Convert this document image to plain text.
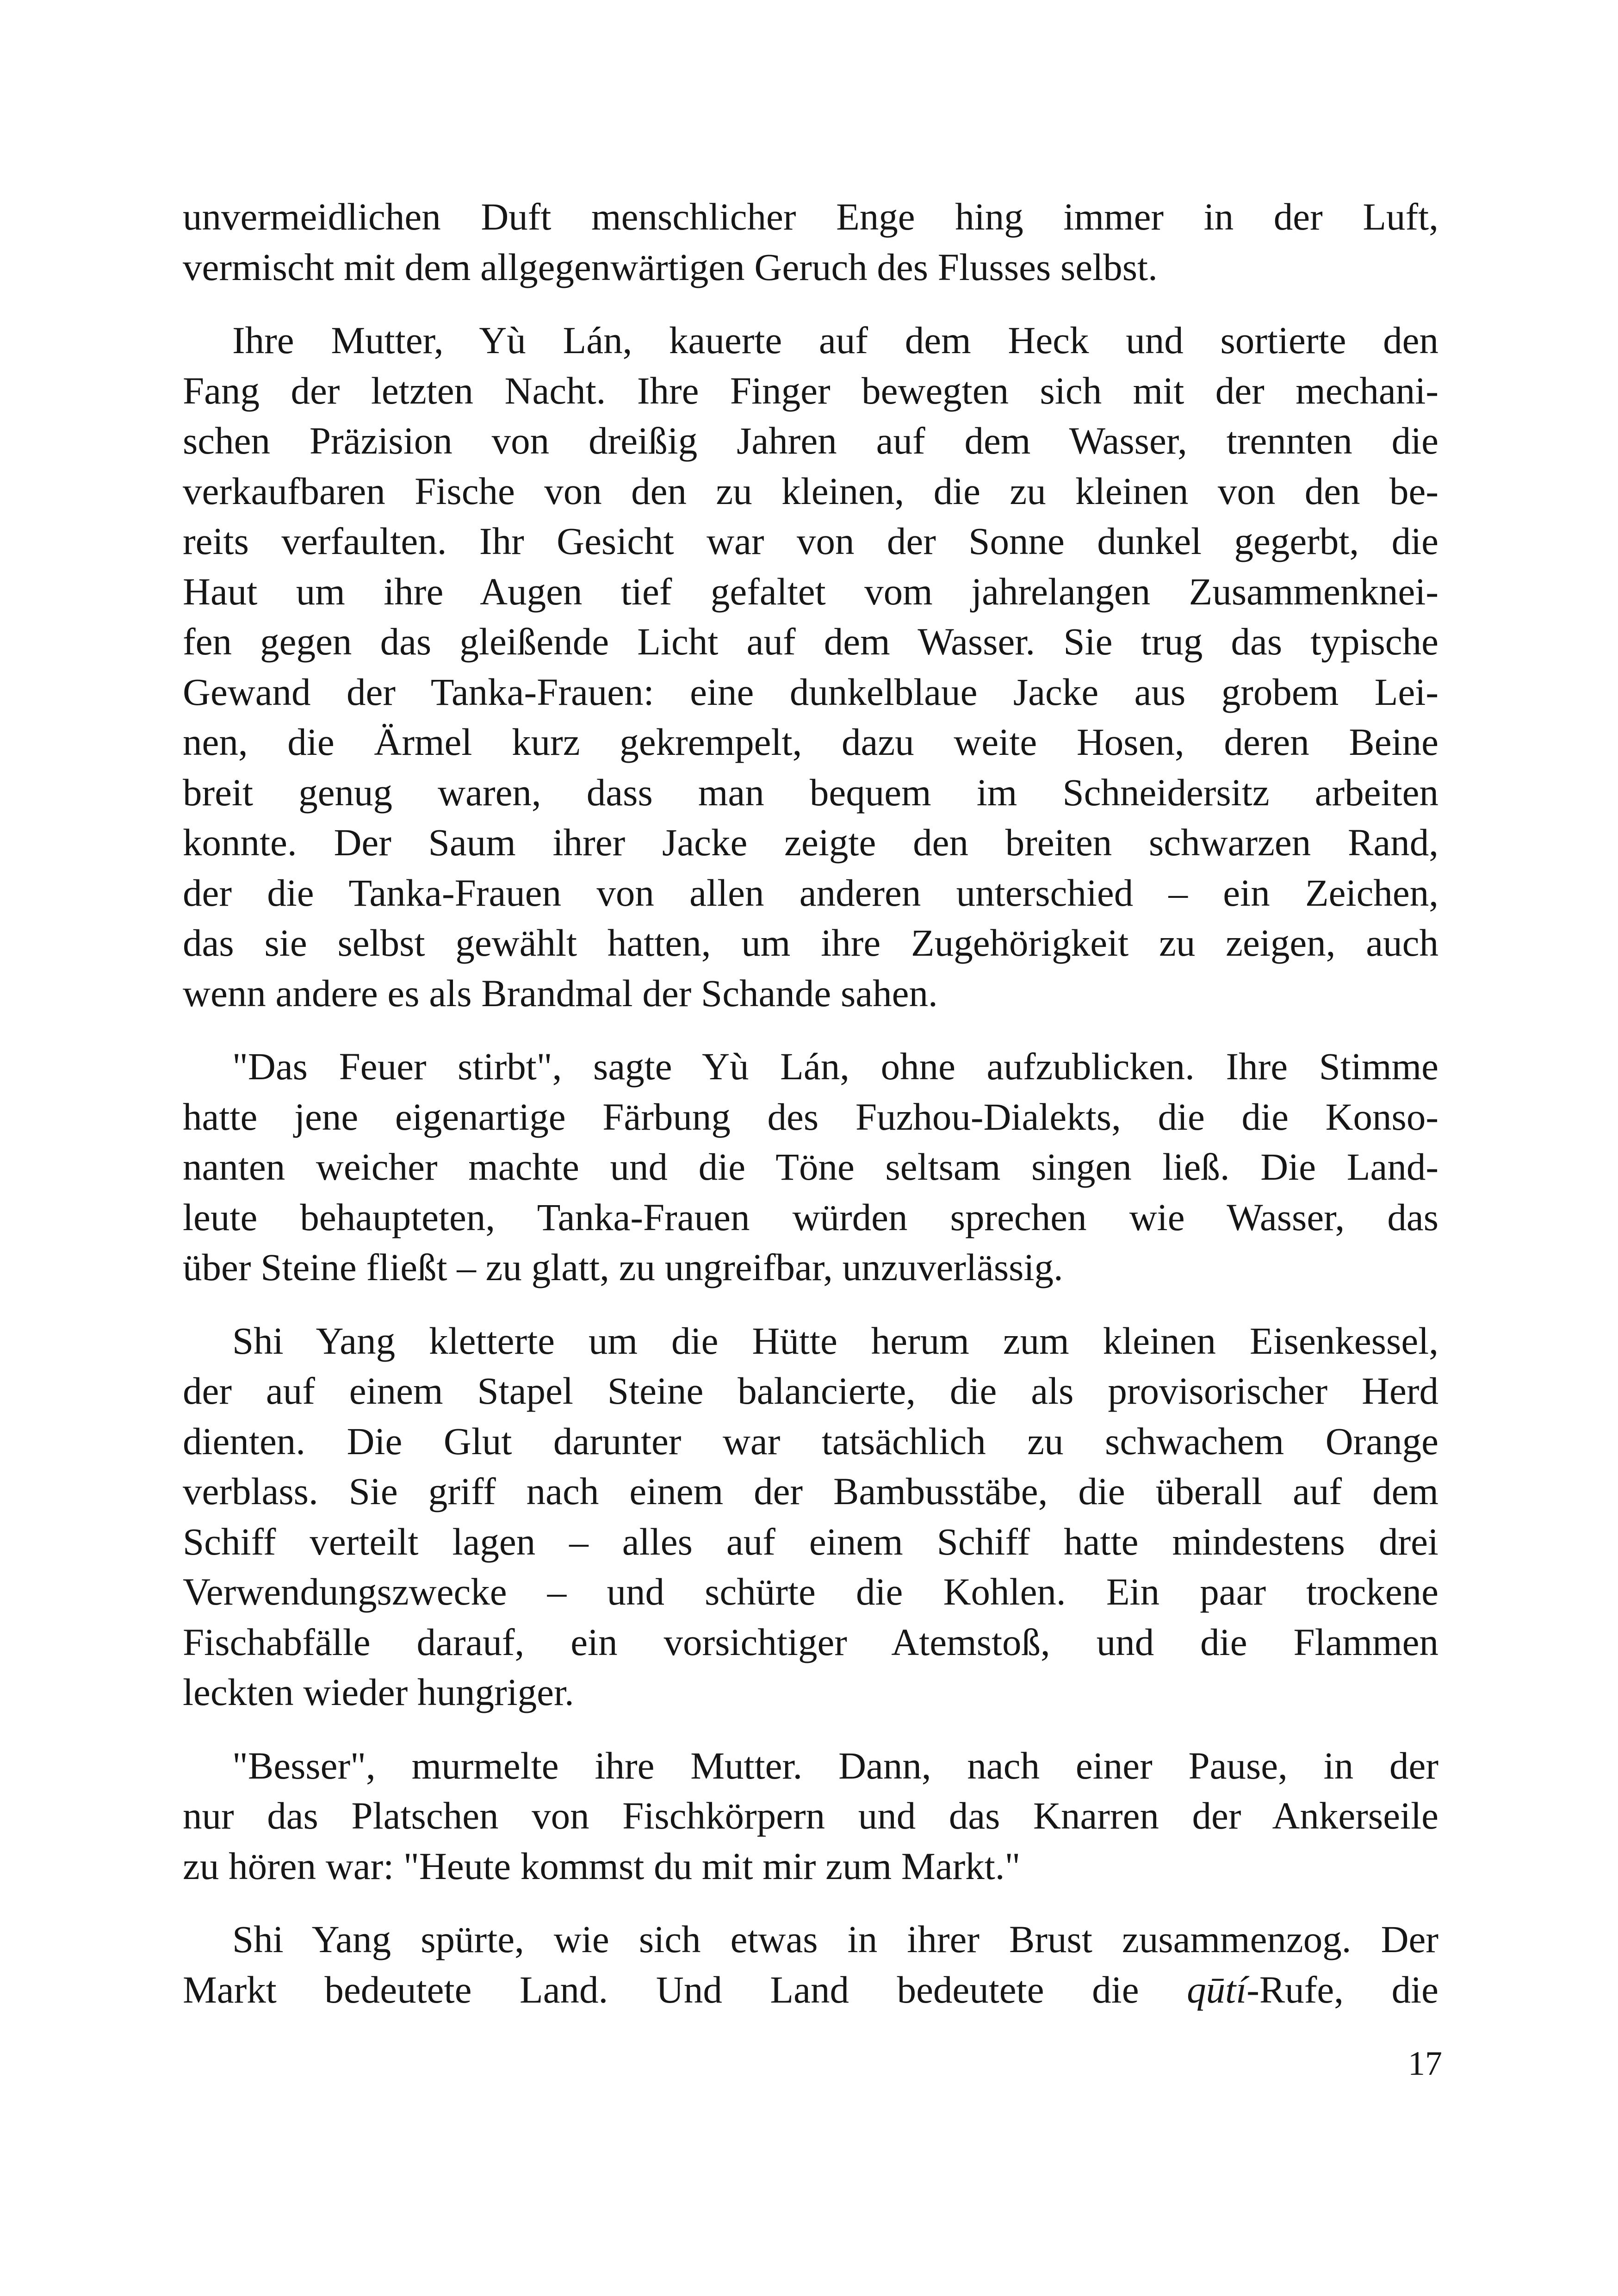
unvermeidlichen Duft menschlicher Enge hing immer in der Luft,
vermischt mit dem allgegenwärtigen Geruch des Flusses selbst.

Ihre Mutter, Yù Lán, kauerte auf dem Heck und sortierte den
Fang der letzten Nacht. Ihre Finger bewegten sich mit der mechani-
schen Präzision von dreißig Jahren auf dem Wasser, trennten die
verkaufbaren Fische von den zu kleinen, die zu kleinen von den be-
reits verfaulten. Ihr Gesicht war von der Sonne dunkel gegerbt, die
Haut um ihre Augen tief gefaltet vom jahrelangen Zusammenknei-
fen gegen das gleißende Licht auf dem Wasser. Sie trug das typische
Gewand der Tanka-Frauen: eine dunkelblaue Jacke aus grobem Lei-
nen, die Ärmel kurz gekrempelt, dazu weite Hosen, deren Beine
breit genug waren, dass man bequem im Schneidersitz arbeiten
konnte. Der Saum ihrer Jacke zeigte den breiten schwarzen Rand,
der die Tanka-Frauen von allen anderen unterschied – ein Zeichen,
das sie selbst gewählt hatten, um ihre Zugehörigkeit zu zeigen, auch
wenn andere es als Brandmal der Schande sahen.

"Das Feuer stirbt", sagte Yù Lán, ohne aufzublicken. Ihre Stimme
hatte jene eigenartige Färbung des Fuzhou-Dialekts, die die Konso-
nanten weicher machte und die Töne seltsam singen ließ. Die Land-
leute behaupteten, Tanka-Frauen würden sprechen wie Wasser, das
über Steine fließt – zu glatt, zu ungreifbar, unzuverlässig.

Shi Yang kletterte um die Hütte herum zum kleinen Eisenkessel,
der auf einem Stapel Steine balancierte, die als provisorischer Herd
dienten. Die Glut darunter war tatsächlich zu schwachem Orange
verblass. Sie griff nach einem der Bambusstäbe, die überall auf dem
Schiff verteilt lagen – alles auf einem Schiff hatte mindestens drei
Verwendungszwecke – und schürte die Kohlen. Ein paar trockene
Fischabfälle darauf, ein vorsichtiger Atemstoß, und die Flammen
leckten wieder hungriger.

"Besser", murmelte ihre Mutter. Dann, nach einer Pause, in der
nur das Platschen von Fischkörpern und das Knarren der Ankerseile
zu hören war: "Heute kommst du mit mir zum Markt."

Shi Yang spürte, wie sich etwas in ihrer Brust zusammenzog. Der
Markt bedeutete Land. Und Land bedeutete die qūtí-Rufe, die

17
